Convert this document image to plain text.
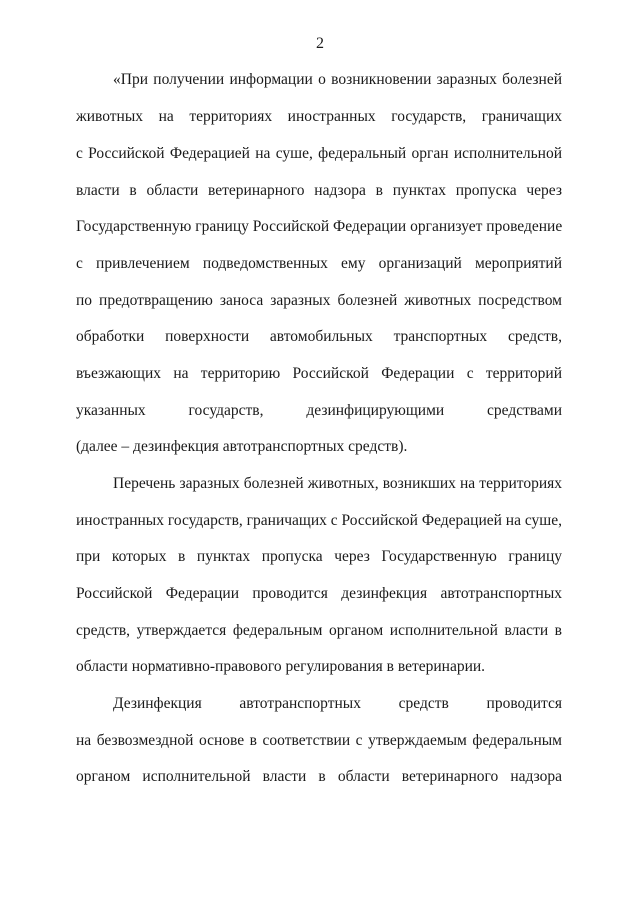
2
«При получении информации о возникновении заразных болезней
животных на территориях иностранных государств, граничащих
с Российской Федерацией на суше, федеральный орган исполнительной
власти в области ветеринарного надзора в пунктах пропуска через
Государственную границу Российской Федерации организует проведение
с привлечением подведомственных ему организаций мероприятий
по предотвращению заноса заразных болезней животных посредством
обработки поверхности автомобильных транспортных средств,
въезжающих на территорию Российской Федерации с территорий
указанных государств, дезинфицирующими средствами
(далее – дезинфекция автотранспортных средств).
Перечень заразных болезней животных, возникших на территориях
иностранных государств, граничащих с Российской Федерацией на суше,
при которых в пунктах пропуска через Государственную границу
Российской Федерации проводится дезинфекция автотранспортных
средств, утверждается федеральным органом исполнительной власти в
области нормативно-правового регулирования в ветеринарии.
Дезинфекция автотранспортных средств проводится
на безвозмездной основе в соответствии с утверждаемым федеральным
органом исполнительной власти в области ветеринарного надзора
